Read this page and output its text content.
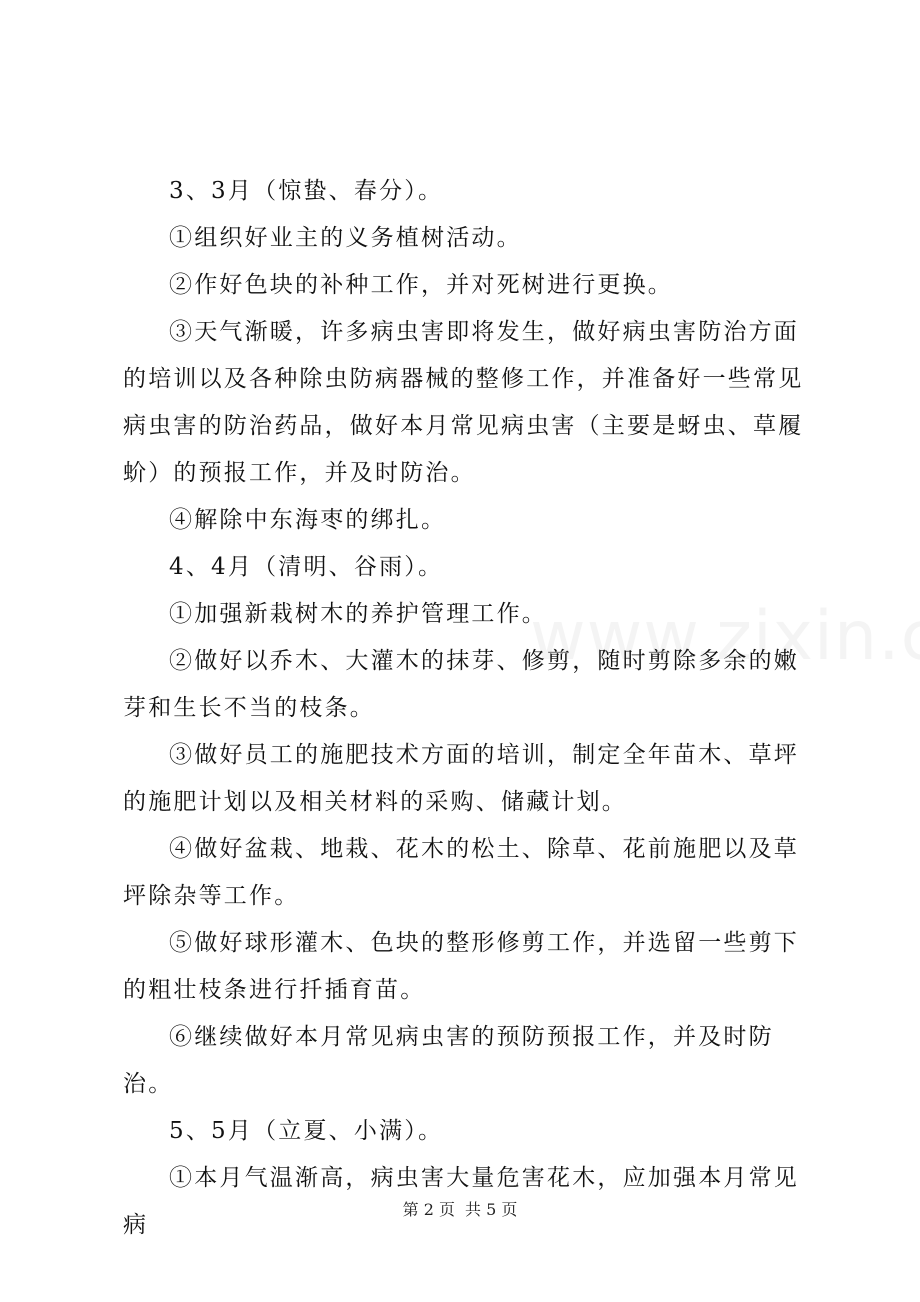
3、3月（惊蛰、春分）。

①组织好业主的义务植树活动。

②作好色块的补种工作，并对死树进行更换。

③天气渐暖，许多病虫害即将发生，做好病虫害防治方面的培训以及各种除虫防病器械的整修工作，并准备好一些常见病虫害的防治药品，做好本月常见病虫害（主要是蚜虫、草履蚧）的预报工作，并及时防治。

④解除中东海枣的绑扎。

4、4月（清明、谷雨）。

①加强新栽树木的养护管理工作。

②做好以乔木、大灌木的抹芽、修剪，随时剪除多余的嫩芽和生长不当的枝条。

③做好员工的施肥技术方面的培训，制定全年苗木、草坪的施肥计划以及相关材料的采购、储藏计划。

④做好盆栽、地栽、花木的松土、除草、花前施肥以及草坪除杂等工作。

⑤做好球形灌木、色块的整形修剪工作，并选留一些剪下的粗壮枝条进行扦插育苗。

⑥继续做好本月常见病虫害的预防预报工作，并及时防治。

5、5月（立夏、小满）。

①本月气温渐高，病虫害大量危害花木，应加强本月常见病

第 2 页 共 5 页
